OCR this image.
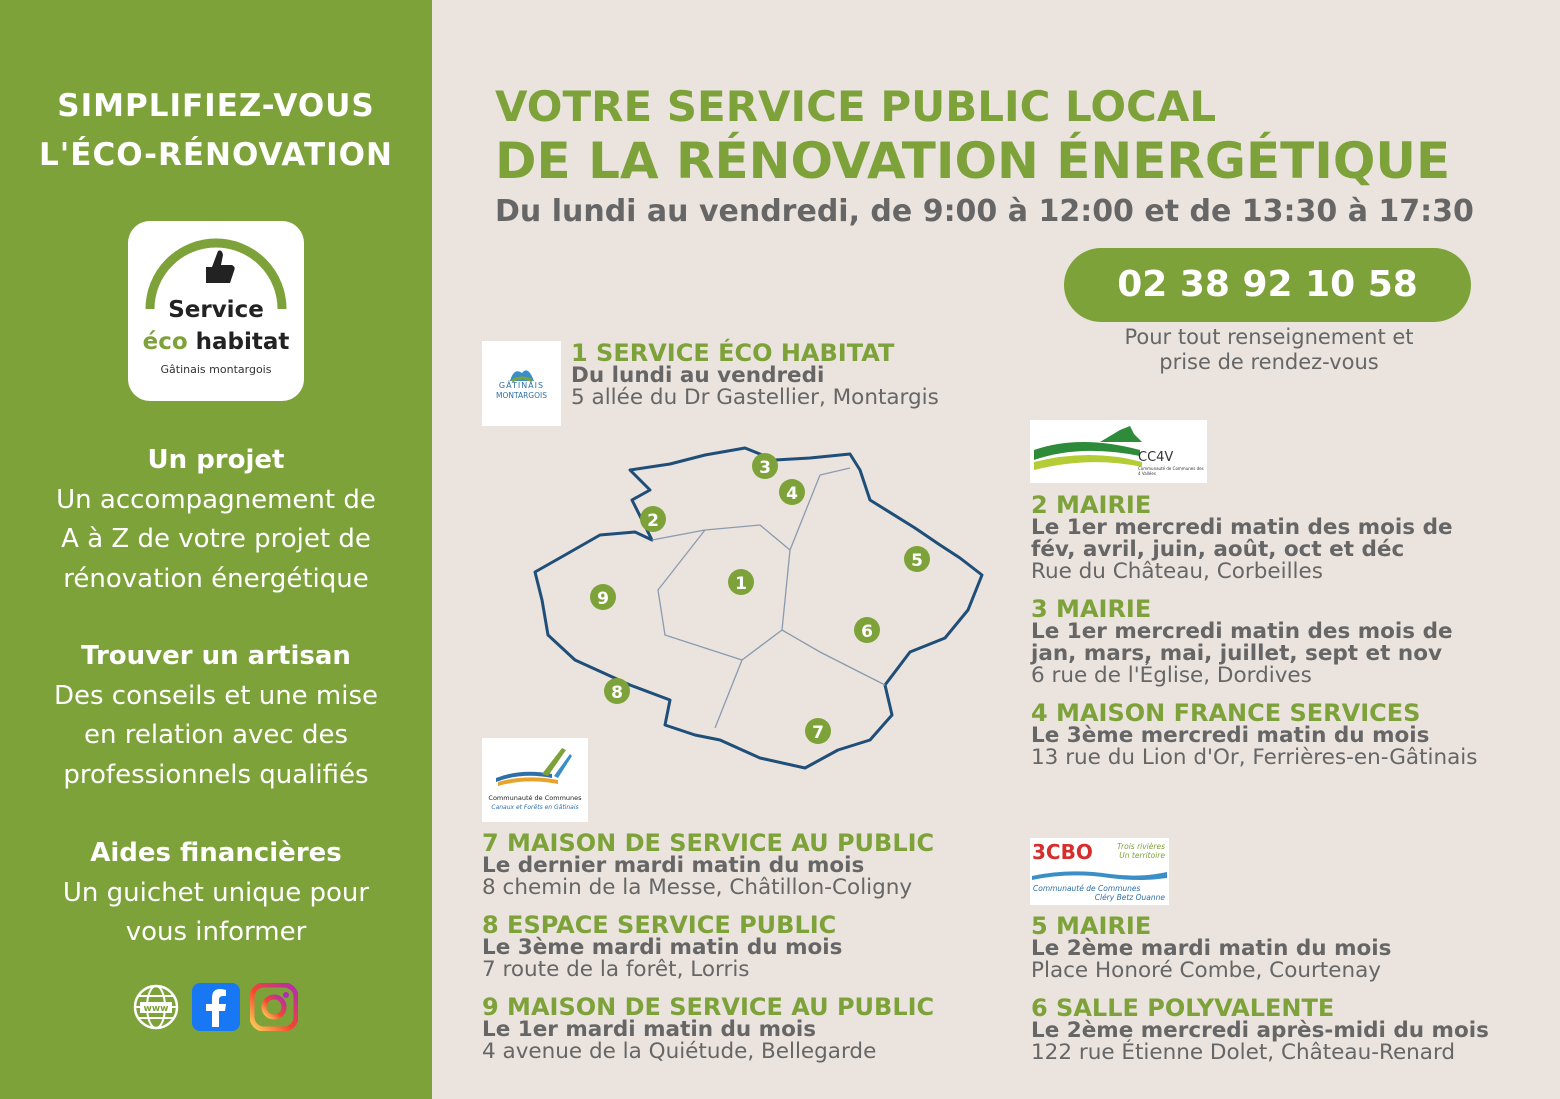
SIMPLIFIEZ-VOUS
L'ÉCO-RÉNOVATION
Service
éco habitat
Gâtinais montargois
Un projet
Un accompagnement de
A à Z de votre projet de
rénovation énergétique
Trouver un artisan
Des conseils et une mise
en relation avec des
professionnels qualifiés
Aides financières
Un guichet unique pour
vous informer
www
VOTRE SERVICE PUBLIC LOCAL
DE LA RÉNOVATION ÉNERGÉTIQUE
Du lundi au vendredi, de 9:00 à 12:00 et de 13:30 à 17:30
02 38 92 10 58
Pour tout renseignement et
prise de rendez-vous
GÂTINAIS
MONTARGOIS
CC4V
Communauté de Communes des 4 Vallées
Communauté de Communes
Canaux et Forêts en Gâtinais
3CBO	Trois rivières
Un territoire
Communauté de Communes
Cléry Betz Ouanne
1
2
3
4
5
6
7
8
9
1 SERVICE ÉCO HABITAT
Du lundi au vendredi
5 allée du Dr Gastellier, Montargis
2 MAIRIE
Le 1er mercredi matin des mois de
fév, avril, juin, août, oct et déc
Rue du Château, Corbeilles
3 MAIRIE
Le 1er mercredi matin des mois de
jan, mars, mai, juillet, sept et nov
6 rue de l'Église, Dordives
4 MAISON FRANCE SERVICES
Le 3ème mercredi matin du mois
13 rue du Lion d'Or, Ferrières-en-Gâtinais
5 MAIRIE
Le 2ème mardi matin du mois
Place Honoré Combe, Courtenay
6 SALLE POLYVALENTE
Le 2ème mercredi après-midi du mois
122 rue Étienne Dolet, Château-Renard
7 MAISON DE SERVICE AU PUBLIC
Le dernier mardi matin du mois
8 chemin de la Messe, Châtillon-Coligny
8 ESPACE SERVICE PUBLIC
Le 3ème mardi matin du mois
7 route de la forêt, Lorris
9 MAISON DE SERVICE AU PUBLIC
Le 1er mardi matin du mois
4 avenue de la Quiétude, Bellegarde
